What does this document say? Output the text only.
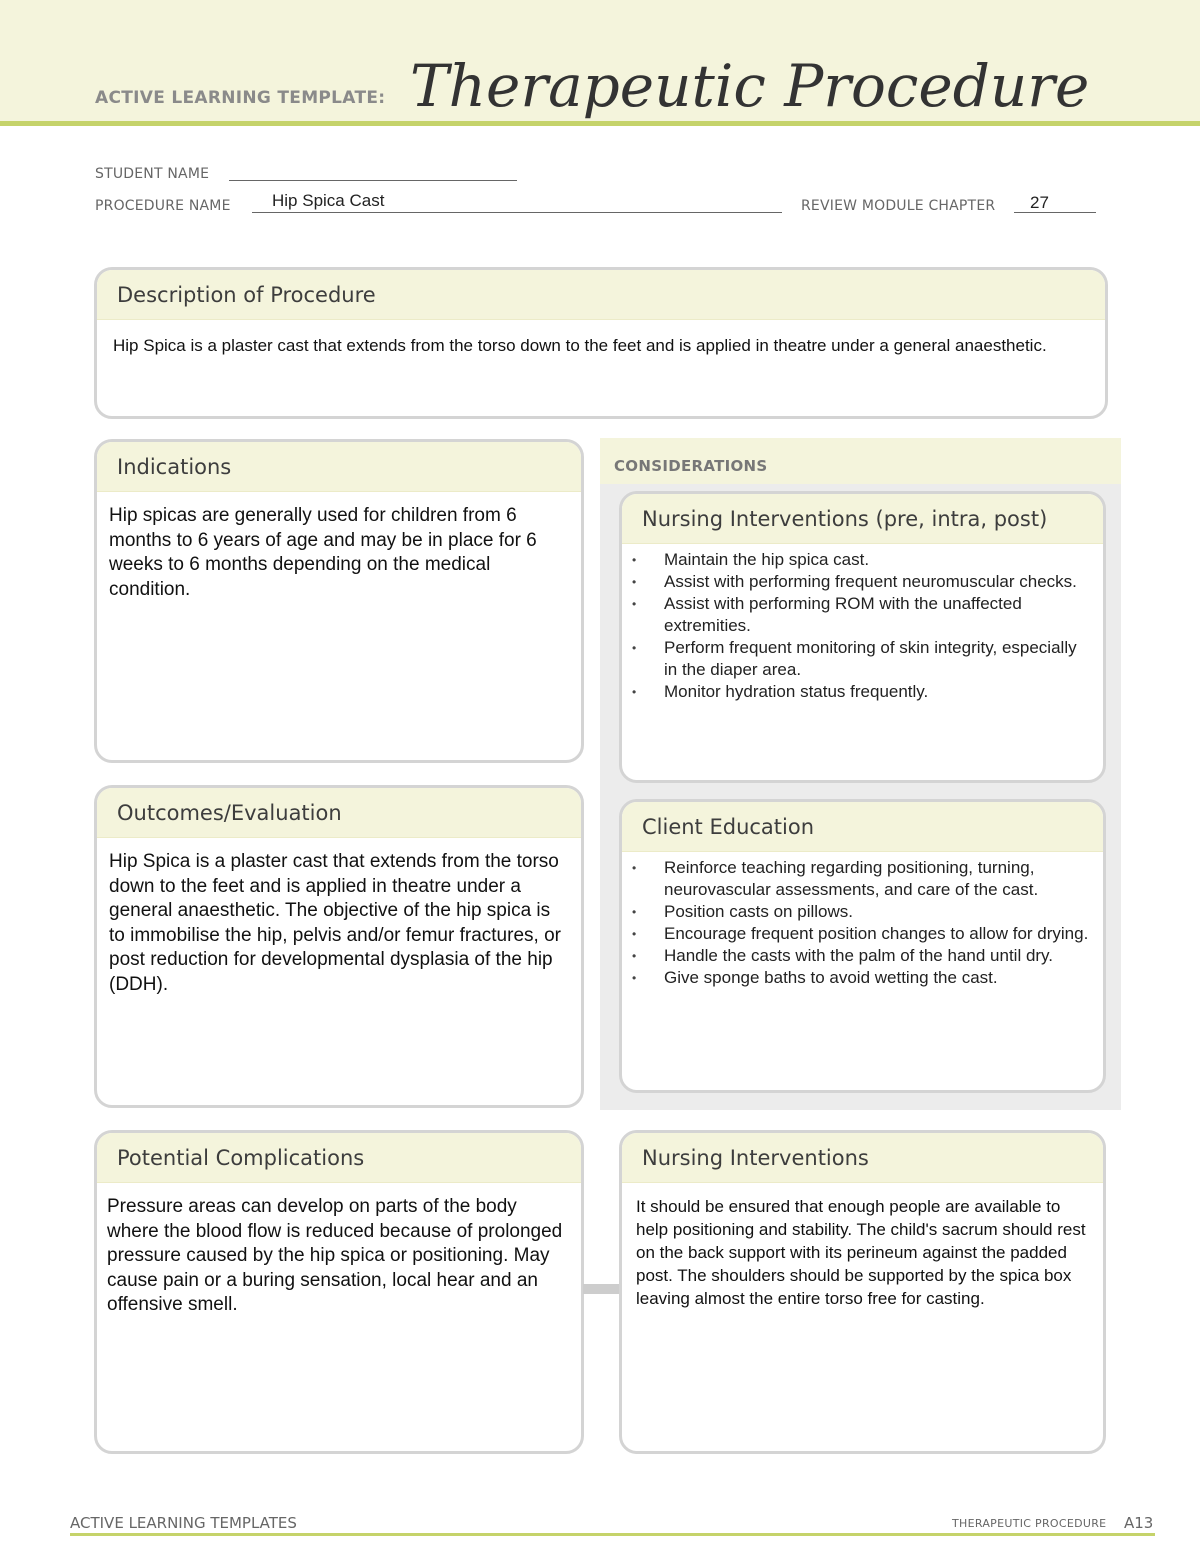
ACTIVE LEARNING TEMPLATE: Therapeutic Procedure
STUDENT NAME
PROCEDURE NAME Hip Spica Cast	REVIEW MODULE CHAPTER 27
Description of Procedure
Hip Spica is a plaster cast that extends from the torso down to the feet and is applied in theatre under a general anaesthetic.
Indications
Hip spicas are generally used for children from 6 months to 6 years of age and may be in place for 6 weeks to 6 months depending on the medical condition.
CONSIDERATIONS
Nursing Interventions (pre, intra, post)
• Maintain the hip spica cast.
• Assist with performing frequent neuromuscular checks.
• Assist with performing ROM with the unaffected extremities.
• Perform frequent monitoring of skin integrity, especially in the diaper area.
• Monitor hydration status frequently.
Outcomes/Evaluation
Hip Spica is a plaster cast that extends from the torso down to the feet and is applied in theatre under a general anaesthetic. The objective of the hip spica is to immobilise the hip, pelvis and/or femur fractures, or post reduction for developmental dysplasia of the hip (DDH).
Client Education
• Reinforce teaching regarding positioning, turning, neurovascular assessments, and care of the cast.
• Position casts on pillows.
• Encourage frequent position changes to allow for drying.
• Handle the casts with the palm of the hand until dry.
• Give sponge baths to avoid wetting the cast.
Potential Complications
Pressure areas can develop on parts of the body where the blood flow is reduced because of prolonged pressure caused by the hip spica or positioning. May cause pain or a buring sensation, local hear and an offensive smell.
Nursing Interventions
It should be ensured that enough people are available to help positioning and stability. The child's sacrum should rest on the back support with its perineum against the padded post. The shoulders should be supported by the spica box leaving almost the entire torso free for casting.
ACTIVE LEARNING TEMPLATES	THERAPEUTIC PROCEDURE A13
